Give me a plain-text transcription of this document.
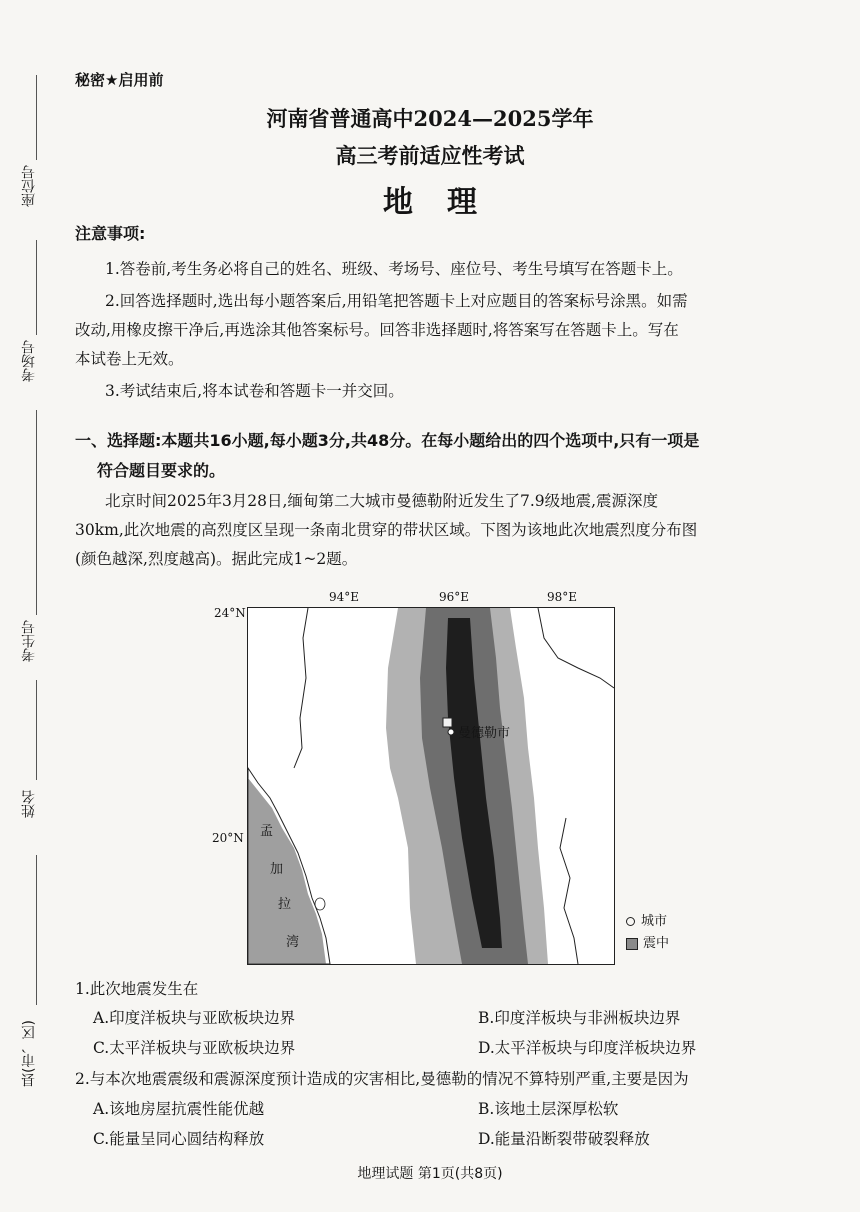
座位号
考场号
考生号
姓名
县(市、区)
秘密★启用前
河南省普通高中2024—2025学年
高三考前适应性考试
地理
注意事项:
1.答卷前,考生务必将自己的姓名、班级、考场号、座位号、考生号填写在答题卡上。
2.回答选择题时,选出每小题答案后,用铅笔把答题卡上对应题目的答案标号涂黑。如需
改动,用橡皮擦干净后,再选涂其他答案标号。回答非选择题时,将答案写在答题卡上。写在
本试卷上无效。
3.考试结束后,将本试卷和答题卡一并交回。
一、选择题:本题共16小题,每小题3分,共48分。在每小题给出的四个选项中,只有一项是
符合题目要求的。
北京时间2025年3月28日,缅甸第二大城市曼德勒附近发生了7.9级地震,震源深度
30km,此次地震的高烈度区呈现一条南北贯穿的带状区域。下图为该地此次地震烈度分布图
(颜色越深,烈度越高)。据此完成1~2题。
94°E	96°E	98°E
24°N
20°N
曼德勒市
孟
加
拉
湾
城市
震中
1.此次地震发生在
A.印度洋板块与亚欧板块边界	B.印度洋板块与非洲板块边界
C.太平洋板块与亚欧板块边界	D.太平洋板块与印度洋板块边界
2.与本次地震震级和震源深度预计造成的灾害相比,曼德勒的情况不算特别严重,主要是因为
A.该地房屋抗震性能优越	B.该地土层深厚松软
C.能量呈同心圆结构释放	D.能量沿断裂带破裂释放
地理试题 第1页(共8页)
